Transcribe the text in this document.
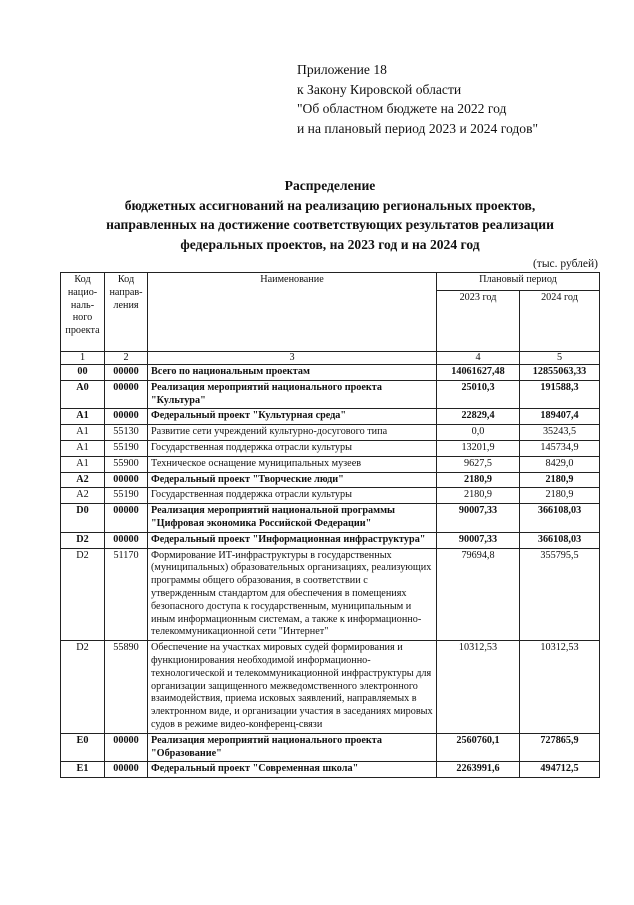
Приложение 18
к Закону Кировской области
"Об областном бюджете на 2022 год
и на плановый период 2023 и 2024 годов"
Распределение
бюджетных ассигнований на реализацию региональных проектов,
направленных на достижение соответствующих результатов реализации
федеральных проектов, на 2023 год и на 2024 год
(тыс. рублей)
Код нацио-наль-ного проекта	Код направ-ления	Наименование	Плановый период	
			2023 год	2024 год
1	2	3	4	5
00	00000	Всего по национальным проектам	14061627,48	12855063,33
А0	00000	Реализация мероприятий национального проекта "Культура"	25010,3	191588,3
А1	00000	Федеральный проект "Культурная среда"	22829,4	189407,4
А1	55130	Развитие сети учреждений культурно-досугового типа	0,0	35243,5
А1	55190	Государственная поддержка отрасли культуры	13201,9	145734,9
А1	55900	Техническое оснащение муниципальных музеев	9627,5	8429,0
А2	00000	Федеральный проект "Творческие люди"	2180,9	2180,9
А2	55190	Государственная поддержка отрасли культуры	2180,9	2180,9
D0	00000	Реализация мероприятий национальной программы "Цифровая экономика Российской Федерации"	90007,33	366108,03
D2	00000	Федеральный проект "Информационная инфраструктура"	90007,33	366108,03
D2	51170	Формирование ИТ-инфраструктуры в государственных (муниципальных) образовательных организациях, реализующих программы общего образования, в соответствии с утвержденным стандартом для обеспечения в помещениях безопасного доступа к государственным, муниципальным и иным информационным системам, а также к информационно-телекоммуникационной сети "Интернет"	79694,8	355795,5
D2	55890	Обеспечение на участках мировых судей формирования и функционирования необходимой информационно-технологической и телекоммуникационной инфраструктуры для организации защищенного межведомственного электронного взаимодействия, приема исковых заявлений, направляемых в электронном виде, и организации участия в заседаниях мировых судов в режиме видео-конференц-связи	10312,53	10312,53
Е0	00000	Реализация мероприятий национального проекта "Образование"	2560760,1	727865,9
Е1	00000	Федеральный проект "Современная школа"	2263991,6	494712,5
